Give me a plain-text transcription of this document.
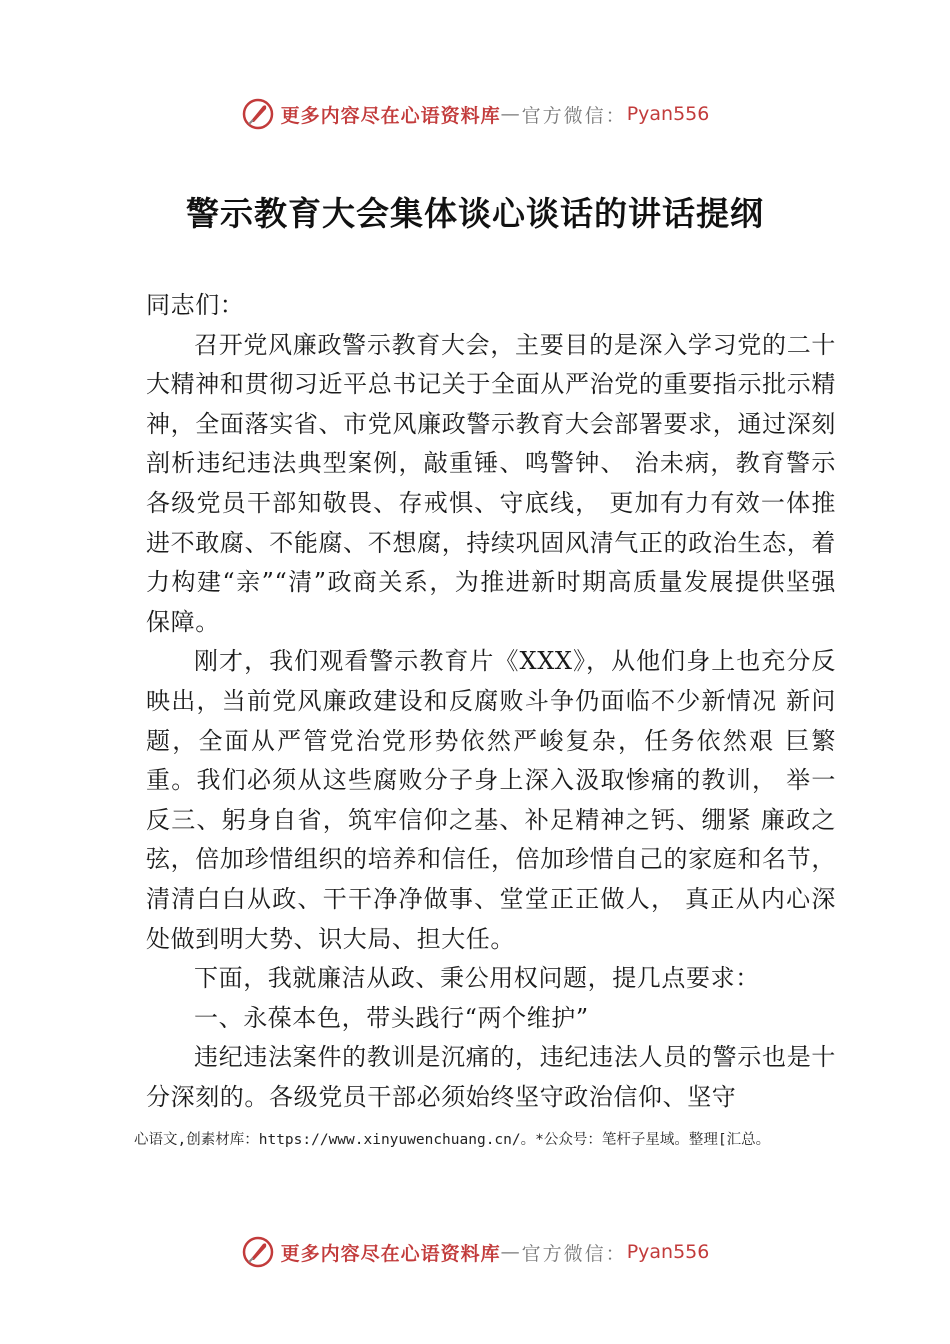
更多内容尽在心语资料库 — 官方微信： Pyan556
警示教育大会集体谈心谈话的讲话提纲

同志们：

召开党风廉政警示教育大会，主要目的是深入学习党的二十大精神和贯彻习近平总书记关于全面从严治党的重要指示批示精神，全面落实省、市党风廉政警示教育大会部署要求，通过深刻剖析违纪违法典型案例，敲重锤、鸣警钟、 治未病，教育警示各级党员干部知敬畏、存戒惧、守底线， 更加有力有效一体推进不敢腐、不能腐、不想腐，持续巩固风清气正的政治生态，着力构建“亲”“清”政商关系，为推进新时期高质量发展提供坚强保障。

刚才，我们观看警示教育片《XXX》，从他们身上也充分反映出，当前党风廉政建设和反腐败斗争仍面临不少新情况 新问题，全面从严管党治党形势依然严峻复杂，任务依然艰 巨繁重。我们必须从这些腐败分子身上深入汲取惨痛的教训， 举一反三、躬身自省，筑牢信仰之基、补足精神之钙、绷紧 廉政之弦，倍加珍惜组织的培养和信任，倍加珍惜自己的家庭和名节，清清白白从政、干干净净做事、堂堂正正做人， 真正从内心深处做到明大势、识大局、担大任。

下面，我就廉洁从政、秉公用权问题，提几点要求：

一、永葆本色，带头践行“两个维护”

违纪违法案件的教训是沉痛的，违纪违法人员的警示也是十分深刻的。各级党员干部必须始终坚守政治信仰、坚守

心语文,创素材库：https://www.xinyuwenchuang.cn/。*公众号：笔杆子星域。整理[汇总。
更多内容尽在心语资料库 — 官方微信： Pyan556
